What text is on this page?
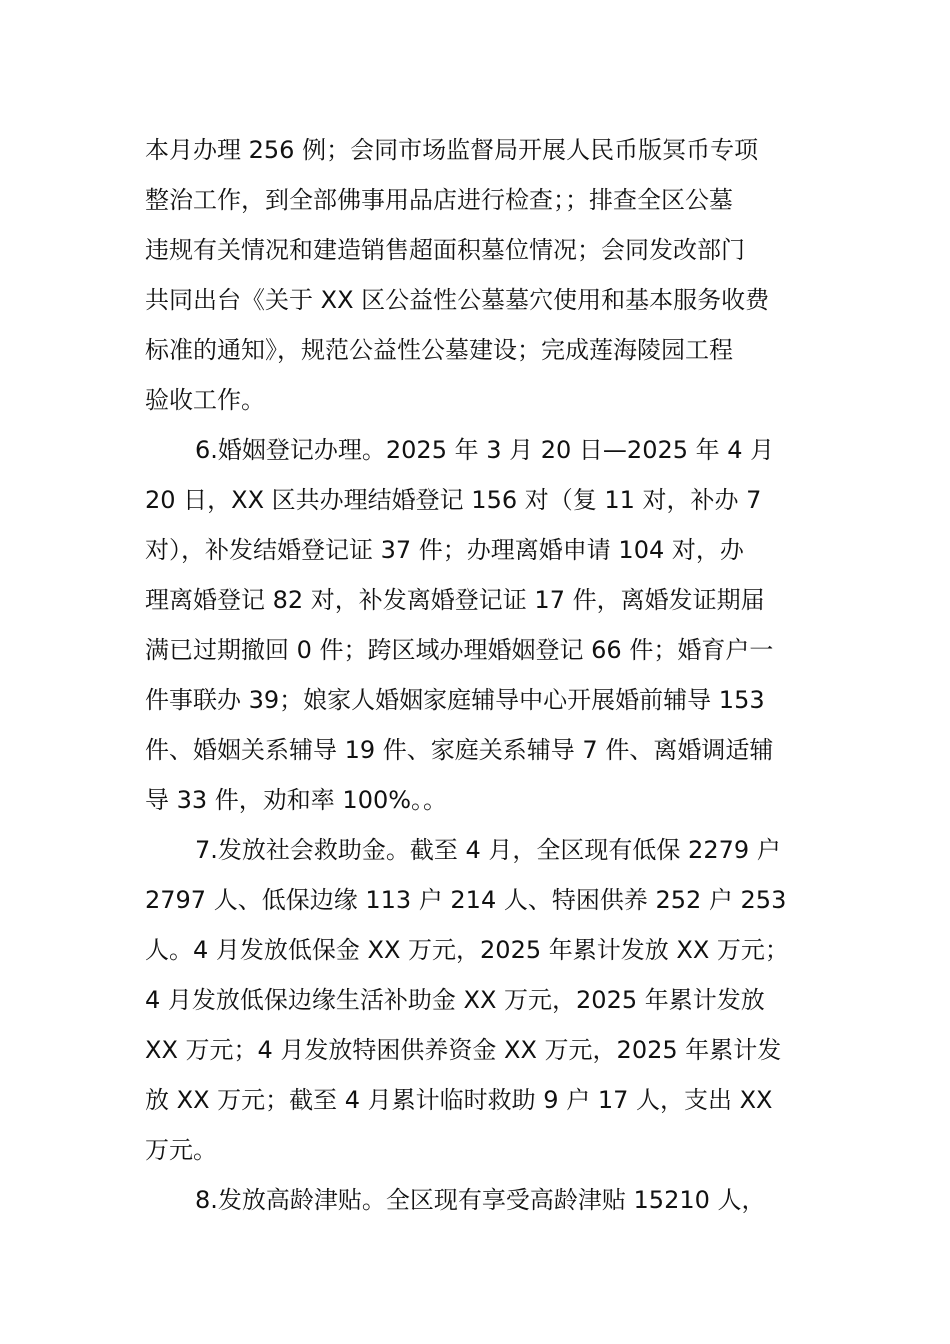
本月办理 256 例；会同市场监督局开展人民币版冥币专项
整治工作，到全部佛事用品店进行检查；；排查全区公墓
违规有关情况和建造销售超面积墓位情况；会同发改部门
共同出台《关于 XX 区公益性公墓墓穴使用和基本服务收费
标准的通知》，规范公益性公墓建设；完成莲海陵园工程
验收工作。
6.婚姻登记办理。2025 年 3 月 20 日—2025 年 4 月
20 日，XX 区共办理结婚登记 156 对（复 11 对，补办 7
对），补发结婚登记证 37 件；办理离婚申请 104 对，办
理离婚登记 82 对，补发离婚登记证 17 件，离婚发证期届
满已过期撤回 0 件；跨区域办理婚姻登记 66 件；婚育户一
件事联办 39；娘家人婚姻家庭辅导中心开展婚前辅导 153
件、婚姻关系辅导 19 件、家庭关系辅导 7 件、离婚调适辅
导 33 件，劝和率 100%。。
7.发放社会救助金。截至 4 月，全区现有低保 2279 户
2797 人、低保边缘 113 户 214 人、特困供养 252 户 253
人。4 月发放低保金 XX 万元，2025 年累计发放 XX 万元；
4 月发放低保边缘生活补助金 XX 万元，2025 年累计发放
XX 万元；4 月发放特困供养资金 XX 万元，2025 年累计发
放 XX 万元；截至 4 月累计临时救助 9 户 17 人，支出 XX
万元。
8.发放高龄津贴。全区现有享受高龄津贴 15210 人，
